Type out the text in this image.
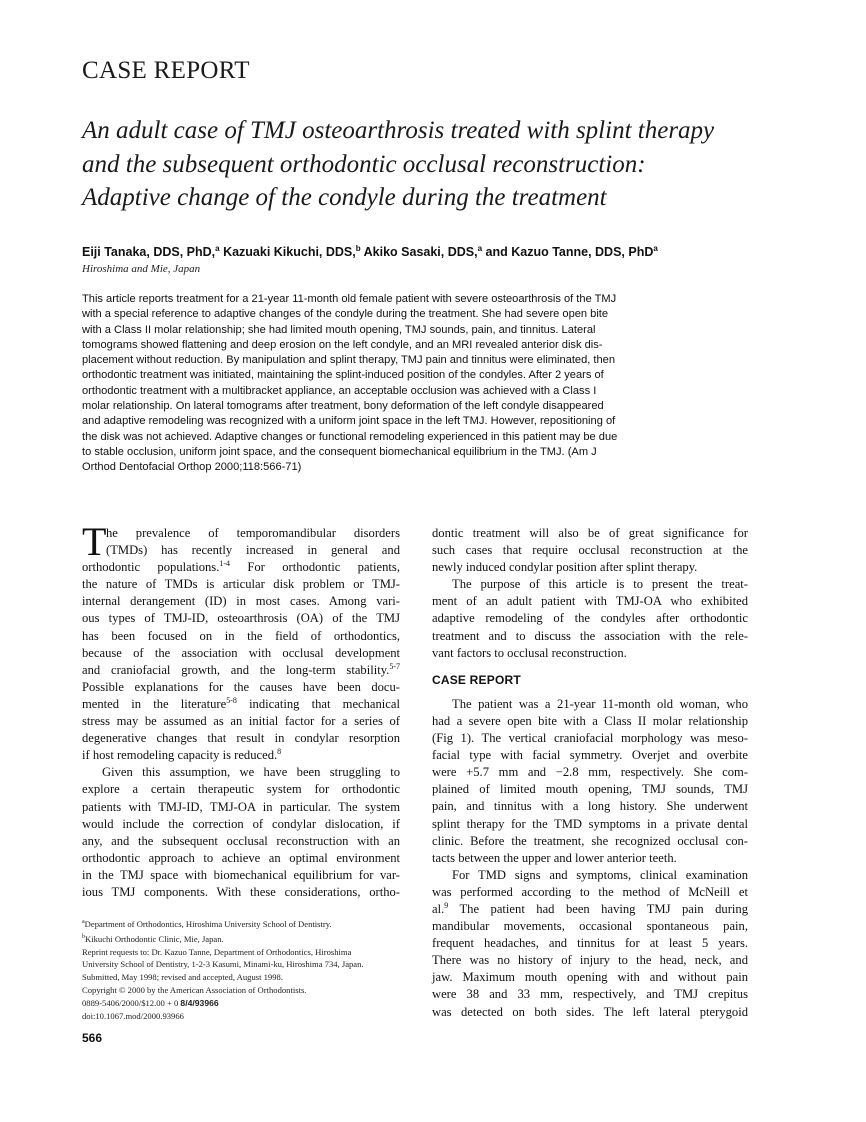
CASE REPORT
An adult case of TMJ osteoarthrosis treated with splint therapy
and the subsequent orthodontic occlusal reconstruction:
Adaptive change of the condyle during the treatment
Eiji Tanaka, DDS, PhD,$^a$ Kazuaki Kikuchi, DDS,$^b$ Akiko Sasaki, DDS,$^a$ and Kazuo Tanne, DDS, PhD$^a$
Hiroshima and Mie, Japan
This article reports treatment for a 21-year 11-month old female patient with severe osteoarthrosis of the TMJ
with a special reference to adaptive changes of the condyle during the treatment. She had severe open bite
with a Class II molar relationship; she had limited mouth opening, TMJ sounds, pain, and tinnitus. Lateral
tomograms showed flattening and deep erosion on the left condyle, and an MRI revealed anterior disk dis-
placement without reduction. By manipulation and splint therapy, TMJ pain and tinnitus were eliminated, then
orthodontic treatment was initiated, maintaining the splint-induced position of the condyles. After 2 years of
orthodontic treatment with a multibracket appliance, an acceptable occlusion was achieved with a Class I
molar relationship. On lateral tomograms after treatment, bony deformation of the left condyle disappeared
and adaptive remodeling was recognized with a uniform joint space in the left TMJ. However, repositioning of
the disk was not achieved. Adaptive changes or functional remodeling experienced in this patient may be due
to stable occlusion, uniform joint space, and the consequent biomechanical equilibrium in the TMJ. (Am J
Orthod Dentofacial Orthop 2000;118:566-71)
T he prevalence of temporomandibular disorders
(TMDs) has recently increased in general and
orthodontic populations.$^{1-4}$ For orthodontic patients,
the nature of TMDs is articular disk problem or TMJ-
internal derangement (ID) in most cases. Among vari-
ous types of TMJ-ID, osteoarthrosis (OA) of the TMJ
has been focused on in the field of orthodontics,
because of the association with occlusal development
and craniofacial growth, and the long-term stability.$^{5-7}$
Possible explanations for the causes have been docu-
mented in the literature$^{5-8}$ indicating that mechanical
stress may be assumed as an initial factor for a series of
degenerative changes that result in condylar resorption
if host remodeling capacity is reduced.$^8$
Given this assumption, we have been struggling to
explore a certain therapeutic system for orthodontic
patients with TMJ-ID, TMJ-OA in particular. The system
would include the correction of condylar dislocation, if
any, and the subsequent occlusal reconstruction with an
orthodontic approach to achieve an optimal environment
in the TMJ space with biomechanical equilibrium for var-
ious TMJ components. With these considerations, ortho-
dontic treatment will also be of great significance for
such cases that require occlusal reconstruction at the
newly induced condylar position after splint therapy.
The purpose of this article is to present the treat-
ment of an adult patient with TMJ-OA who exhibited
adaptive remodeling of the condyles after orthodontic
treatment and to discuss the association with the rele-
vant factors to occlusal reconstruction.
CASE REPORT
The patient was a 21-year 11-month old woman, who
had a severe open bite with a Class II molar relationship
(Fig 1). The vertical craniofacial morphology was meso-
facial type with facial symmetry. Overjet and overbite
were +5.7 mm and −2.8 mm, respectively. She com-
plained of limited mouth opening, TMJ sounds, TMJ
pain, and tinnitus with a long history. She underwent
splint therapy for the TMD symptoms in a private dental
clinic. Before the treatment, she recognized occlusal con-
tacts between the upper and lower anterior teeth.
For TMD signs and symptoms, clinical examination
was performed according to the method of McNeill et
al.$^9$ The patient had been having TMJ pain during
mandibular movements, occasional spontaneous pain,
frequent headaches, and tinnitus for at least 5 years.
There was no history of injury to the head, neck, and
jaw. Maximum mouth opening with and without pain
were 38 and 33 mm, respectively, and TMJ crepitus
was detected on both sides. The left lateral pterygoid
$^a$Department of Orthodontics, Hiroshima University School of Dentistry.
$^b$Kikuchi Orthodontic Clinic, Mie, Japan.
Reprint requests to: Dr. Kazuo Tanne, Department of Orthodontics, Hiroshima
University School of Dentistry, 1-2-3 Kasumi, Minami-ku, Hiroshima 734, Japan.
Submitted, May 1998; revised and accepted, August 1998.
Copyright © 2000 by the American Association of Orthodontists.
0889-5406/2000/$12.00 + 0 8/4/93966
doi:10.1067.mod/2000.93966
566
